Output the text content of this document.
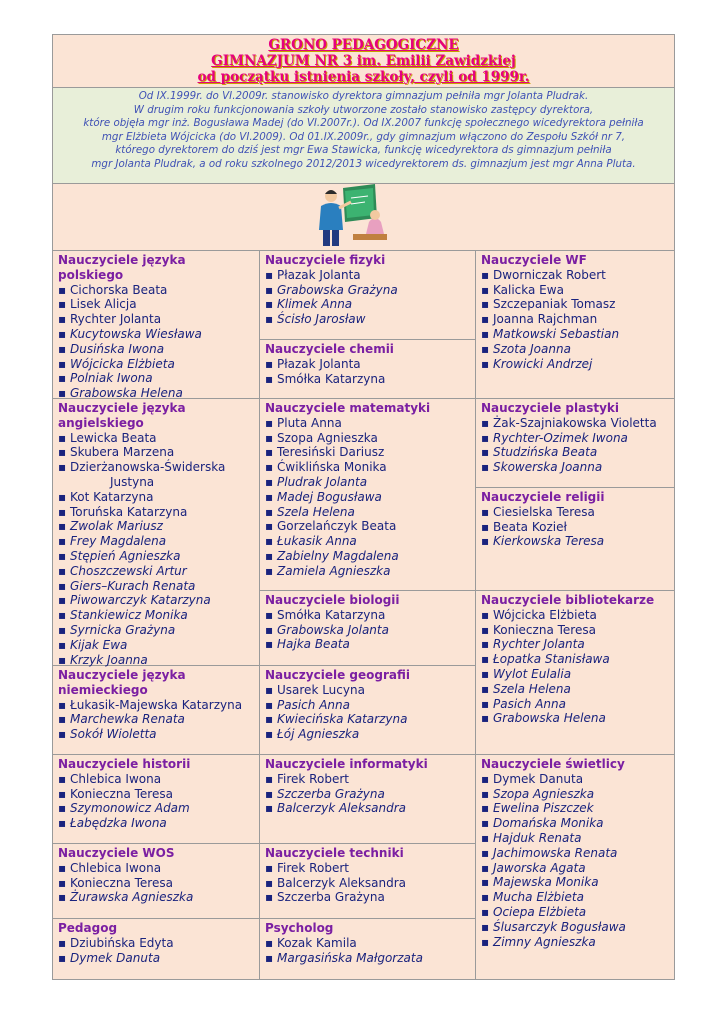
GRONO PEDAGOGICZNE
GIMNAZJUM NR 3 im. Emilii Zawidzkiej
od początku istnienia szkoły, czyli od 1999r.
Od IX.1999r. do VI.2009r. stanowisko dyrektora gimnazjum pełniła mgr Jolanta Pludrak.
W drugim roku funkcjonowania szkoły utworzone zostało stanowisko zastępcy dyrektora,
które objęła mgr inż. Bogusława Madej (do VI.2007r.). Od IX.2007 funkcję społecznego wicedyrektora pełniła
mgr Elżbieta Wójcicka (do VI.2009). Od 01.IX.2009r., gdy gimnazjum włączono do Zespołu Szkół nr 7,
którego dyrektorem do dziś jest mgr Ewa Stawicka, funkcję wicedyrektora ds gimnazjum pełniła
mgr Jolanta Pludrak, a od roku szkolnego 2012/2013 wicedyrektorem ds. gimnazjum jest mgr Anna Pluta.
Nauczyciele języka
polskiego
▪ Cichorska Beata
▪ Lisek Alicja
▪ Rychter Jolanta
▪ Kucytowska Wiesława
▪ Dusińska Iwona
▪ Wójcicka Elżbieta
▪ Polniak Iwona
▪ Grabowska Helena
Nauczyciele języka
angielskiego
▪ Lewicka Beata
▪ Skubera Marzena
▪ Dzierżanowska-Świderska
Justyna
▪ Kot Katarzyna
▪ Toruńska Katarzyna
▪ Zwolak Mariusz
▪ Frey Magdalena
▪ Stępień Agnieszka
▪ Choszczewski Artur
▪ Giers–Kurach Renata
▪ Piwowarczyk Katarzyna
▪ Stankiewicz Monika
▪ Syrnicka Grażyna
▪ Kijak Ewa
▪ Krzyk Joanna
Nauczyciele języka
niemieckiego
▪ Łukasik-Majewska Katarzyna
▪ Marchewka Renata
▪ Sokół Wioletta
Nauczyciele historii
▪ Chlebica Iwona
▪ Konieczna Teresa
▪ Szymonowicz Adam
▪ Łabędzka Iwona
Nauczyciele WOS
▪ Chlebica Iwona
▪ Konieczna Teresa
▪ Żurawska Agnieszka
Pedagog
▪ Dziubińska Edyta
▪ Dymek Danuta
Nauczyciele fizyki
▪ Płazak Jolanta
▪ Grabowska Grażyna
▪ Klimek Anna
▪ Ścisło Jarosław
Nauczyciele chemii
▪ Płazak Jolanta
▪ Smółka Katarzyna
Nauczyciele matematyki
▪ Pluta Anna
▪ Szopa Agnieszka
▪ Teresiński Dariusz
▪ Ćwiklińska Monika
▪ Pludrak Jolanta
▪ Madej Bogusława
▪ Szela Helena
▪ Gorzelańczyk Beata
▪ Łukasik Anna
▪ Zabielny Magdalena
▪ Zamiela Agnieszka
Nauczyciele biologii
▪ Smółka Katarzyna
▪ Grabowska Jolanta
▪ Hajka Beata
Nauczyciele geografii
▪ Usarek Lucyna
▪ Pasich Anna
▪ Kwiecińska Katarzyna
▪ Łój Agnieszka
Nauczyciele informatyki
▪ Firek Robert
▪ Szczerba Grażyna
▪ Balcerzyk Aleksandra
Nauczyciele techniki
▪ Firek Robert
▪ Balcerzyk Aleksandra
▪ Szczerba Grażyna
Psycholog
▪ Kozak Kamila
▪ Margasińska Małgorzata
Nauczyciele WF
▪ Dworniczak Robert
▪ Kalicka Ewa
▪ Szczepaniak Tomasz
▪ Joanna Rajchman
▪ Matkowski Sebastian
▪ Szota Joanna
▪ Krowicki Andrzej
Nauczyciele plastyki
▪ Żak-Szajniakowska Violetta
▪ Rychter-Ozimek Iwona
▪ Studzińska Beata
▪ Skowerska Joanna
Nauczyciele religii
▪ Ciesielska Teresa
▪ Beata Kozieł
▪ Kierkowska Teresa
Nauczyciele bibliotekarze
▪ Wójcicka Elżbieta
▪ Konieczna Teresa
▪ Rychter Jolanta
▪ Łopatka Stanisława
▪ Wylot Eulalia
▪ Szela Helena
▪ Pasich Anna
▪ Grabowska Helena
Nauczyciele świetlicy
▪ Dymek Danuta
▪ Szopa Agnieszka
▪ Ewelina Piszczek
▪ Domańska Monika
▪ Hajduk Renata
▪ Jachimowska Renata
▪ Jaworska Agata
▪ Majewska Monika
▪ Mucha Elżbieta
▪ Ociepa Elżbieta
▪ Ślusarczyk Bogusława
▪ Zimny Agnieszka
